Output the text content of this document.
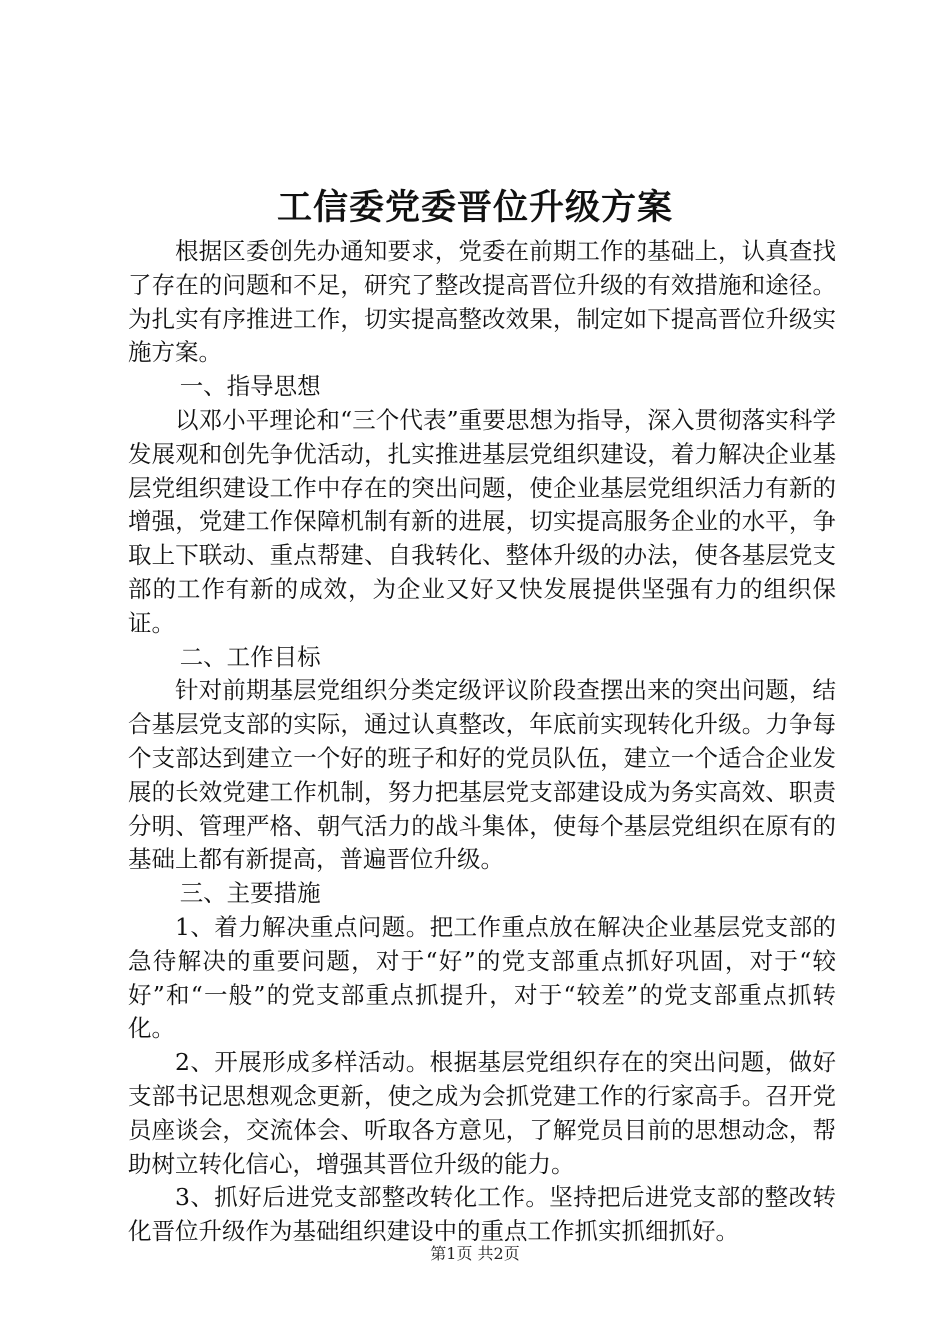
工信委党委晋位升级方案

根据区委创先办通知要求，党委在前期工作的基础上，认真查找了存在的问题和不足，研究了整改提高晋位升级的有效措施和途径。为扎实有序推进工作，切实提高整改效果，制定如下提高晋位升级实施方案。

一、指导思想

以邓小平理论和“三个代表”重要思想为指导，深入贯彻落实科学发展观和创先争优活动，扎实推进基层党组织建设，着力解决企业基层党组织建设工作中存在的突出问题，使企业基层党组织活力有新的增强，党建工作保障机制有新的进展，切实提高服务企业的水平，争取上下联动、重点帮建、自我转化、整体升级的办法，使各基层党支部的工作有新的成效，为企业又好又快发展提供坚强有力的组织保证。

二、工作目标

针对前期基层党组织分类定级评议阶段查摆出来的突出问题，结合基层党支部的实际，通过认真整改，年底前实现转化升级。力争每个支部达到建立一个好的班子和好的党员队伍，建立一个适合企业发展的长效党建工作机制，努力把基层党支部建设成为务实高效、职责分明、管理严格、朝气活力的战斗集体，使每个基层党组织在原有的基础上都有新提高，普遍晋位升级。

三、主要措施

1、着力解决重点问题。把工作重点放在解决企业基层党支部的急待解决的重要问题，对于“好”的党支部重点抓好巩固，对于“较好”和“一般”的党支部重点抓提升，对于“较差”的党支部重点抓转化。

2、开展形成多样活动。根据基层党组织存在的突出问题，做好支部书记思想观念更新，使之成为会抓党建工作的行家高手。召开党员座谈会，交流体会、听取各方意见，了解党员目前的思想动念，帮助树立转化信心，增强其晋位升级的能力。

3、抓好后进党支部整改转化工作。坚持把后进党支部的整改转化晋位升级作为基础组织建设中的重点工作抓实抓细抓好。

第1页 共2页
